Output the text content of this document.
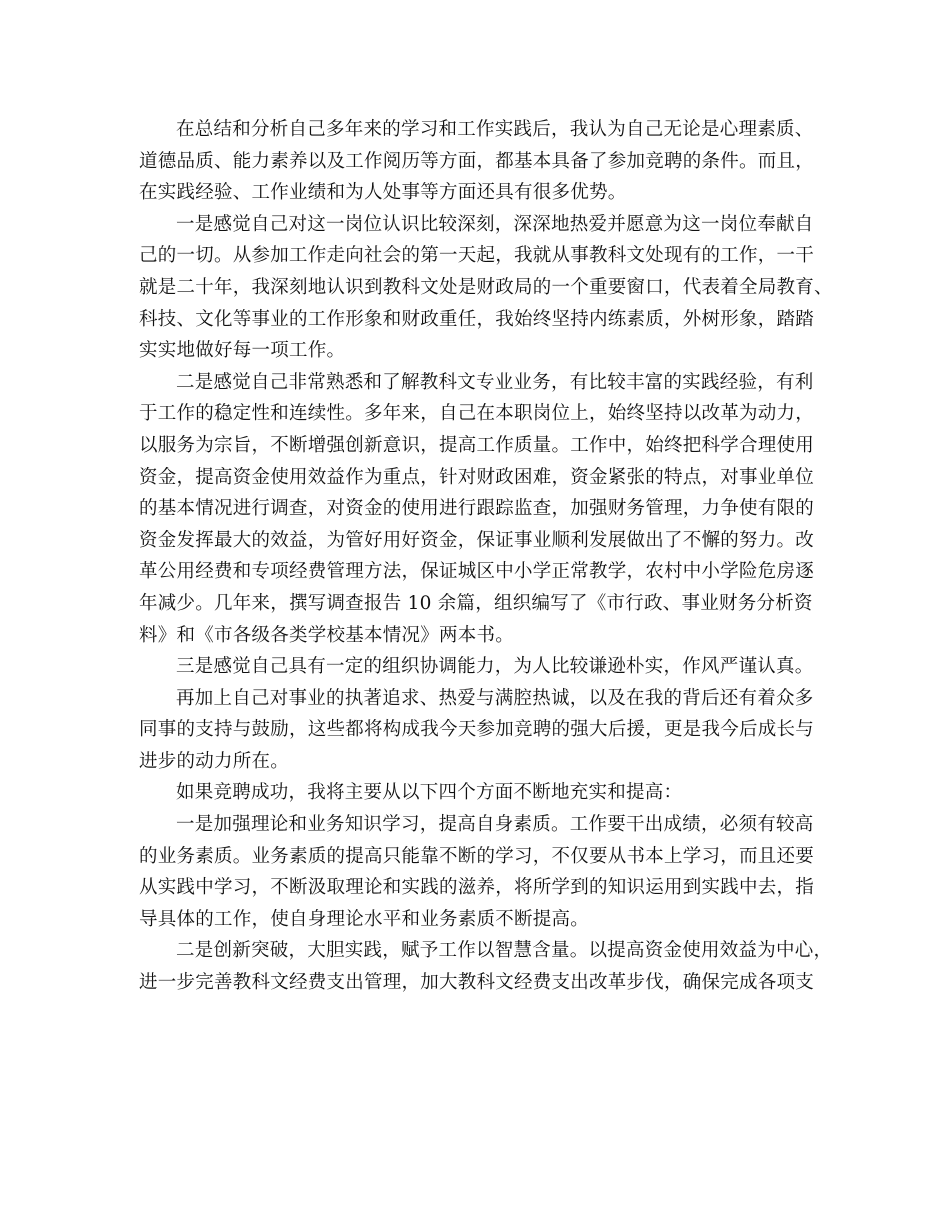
在总结和分析自己多年来的学习和工作实践后，我认为自己无论是心理素质、
道德品质、能力素养以及工作阅历等方面，都基本具备了参加竞聘的条件。而且，
在实践经验、工作业绩和为人处事等方面还具有很多优势。
一是感觉自己对这一岗位认识比较深刻，深深地热爱并愿意为这一岗位奉献自
己的一切。从参加工作走向社会的第一天起，我就从事教科文处现有的工作，一干
就是二十年，我深刻地认识到教科文处是财政局的一个重要窗口，代表着全局教育、
科技、文化等事业的工作形象和财政重任，我始终坚持内练素质，外树形象，踏踏
实实地做好每一项工作。
二是感觉自己非常熟悉和了解教科文专业业务，有比较丰富的实践经验，有利
于工作的稳定性和连续性。多年来，自己在本职岗位上，始终坚持以改革为动力，
以服务为宗旨，不断增强创新意识，提高工作质量。工作中，始终把科学合理使用
资金，提高资金使用效益作为重点，针对财政困难，资金紧张的特点，对事业单位
的基本情况进行调查，对资金的使用进行跟踪监查，加强财务管理，力争使有限的
资金发挥最大的效益，为管好用好资金，保证事业顺利发展做出了不懈的努力。改
革公用经费和专项经费管理方法，保证城区中小学正常教学，农村中小学险危房逐
年减少。几年来，撰写调查报告 10 余篇，组织编写了《市行政、事业财务分析资
料》和《市各级各类学校基本情况》两本书。
三是感觉自己具有一定的组织协调能力，为人比较谦逊朴实，作风严谨认真。
再加上自己对事业的执著追求、热爱与满腔热诚，以及在我的背后还有着众多
同事的支持与鼓励，这些都将构成我今天参加竞聘的强大后援，更是我今后成长与
进步的动力所在。
如果竞聘成功，我将主要从以下四个方面不断地充实和提高：
一是加强理论和业务知识学习，提高自身素质。工作要干出成绩，必须有较高
的业务素质。业务素质的提高只能靠不断的学习，不仅要从书本上学习，而且还要
从实践中学习，不断汲取理论和实践的滋养，将所学到的知识运用到实践中去，指
导具体的工作，使自身理论水平和业务素质不断提高。
二是创新突破，大胆实践，赋予工作以智慧含量。以提高资金使用效益为中心，
进一步完善教科文经费支出管理，加大教科文经费支出改革步伐，确保完成各项支
